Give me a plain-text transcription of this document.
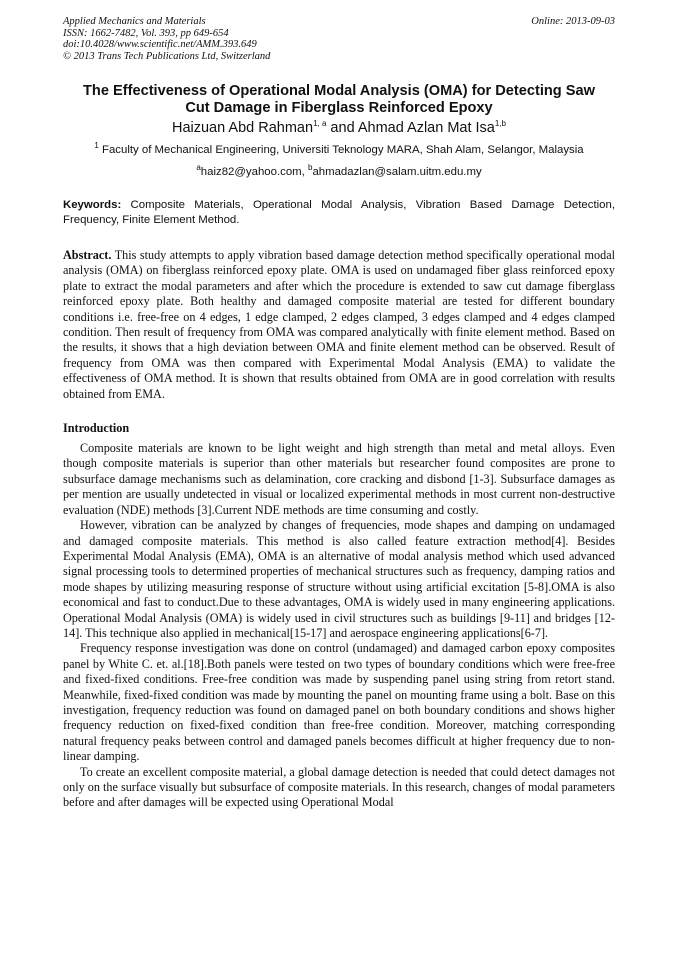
Applied Mechanics and Materials
ISSN: 1662-7482, Vol. 393, pp 649-654
doi:10.4028/www.scientific.net/AMM.393.649
© 2013 Trans Tech Publications Ltd, Switzerland
Online: 2013-09-03
The Effectiveness of Operational Modal Analysis (OMA) for Detecting Saw Cut Damage in Fiberglass Reinforced Epoxy
Haizuan Abd Rahman$^{1, a}$ and Ahmad Azlan Mat Isa$^{1,b}$
$^1$ Faculty of Mechanical Engineering, Universiti Teknology MARA, Shah Alam, Selangor, Malaysia
$^a$haiz82@yahoo.com, $^b$ahmadazlan@salam.uitm.edu.my
Keywords: Composite Materials, Operational Modal Analysis, Vibration Based Damage Detection, Frequency, Finite Element Method.
Abstract. This study attempts to apply vibration based damage detection method specifically operational modal analysis (OMA) on fiberglass reinforced epoxy plate. OMA is used on undamaged fiber glass reinforced epoxy plate to extract the modal parameters and after which the procedure is extended to saw cut damage fiberglass reinforced epoxy plate. Both healthy and damaged composite material are tested for different boundary conditions i.e. free-free on 4 edges, 1 edge clamped, 2 edges clamped, 3 edges clamped and 4 edges clamped condition. Then result of frequency from OMA was compared analytically with finite element method. Based on the results, it shows that a high deviation between OMA and finite element method can be observed. Result of frequency from OMA was then compared with Experimental Modal Analysis (EMA) to validate the effectiveness of OMA method. It is shown that results obtained from OMA are in good correlation with results obtained from EMA.
Introduction

Composite materials are known to be light weight and high strength than metal and metal alloys. Even though composite materials is superior than other materials but researcher found composites are prone to subsurface damage mechanisms such as delamination, core cracking and disbond [1-3]. Subsurface damages as per mention are usually undetected in visual or localized experimental methods in most current non-destructive evaluation (NDE) methods [3].Current NDE methods are time consuming and costly.

However, vibration can be analyzed by changes of frequencies, mode shapes and damping on undamaged and damaged composite materials. This method is also called feature extraction method[4]. Besides Experimental Modal Analysis (EMA), OMA is an alternative of modal analysis method which used advanced signal processing tools to determined properties of mechanical structures such as frequency, damping ratios and mode shapes by utilizing measuring response of structure without using artificial excitation [5-8].OMA is also economical and fast to conduct.Due to these advantages, OMA is widely used in many engineering applications. Operational Modal Analysis (OMA) is widely used in civil structures such as buildings [9-11] and bridges [12-14]. This technique also applied in mechanical[15-17] and aerospace engineering applications[6-7].

Frequency response investigation was done on control (undamaged) and damaged carbon epoxy composites panel by White C. et. al.[18].Both panels were tested on two types of boundary conditions which were free-free and fixed-fixed conditions. Free-free condition was made by suspending panel using string from retort stand. Meanwhile, fixed-fixed condition was made by mounting the panel on mounting frame using a bolt. Base on this investigation, frequency reduction was found on damaged panel on both boundary conditions and shows higher frequency reduction on fixed-fixed condition than free-free condition. Moreover, matching corresponding natural frequency peaks between control and damaged panels becomes difficult at higher frequency due to non-linear damping.

To create an excellent composite material, a global damage detection is needed that could detect damages not only on the surface visually but subsurface of composite materials. In this research, changes of modal parameters before and after damages will be expected using Operational Modal
